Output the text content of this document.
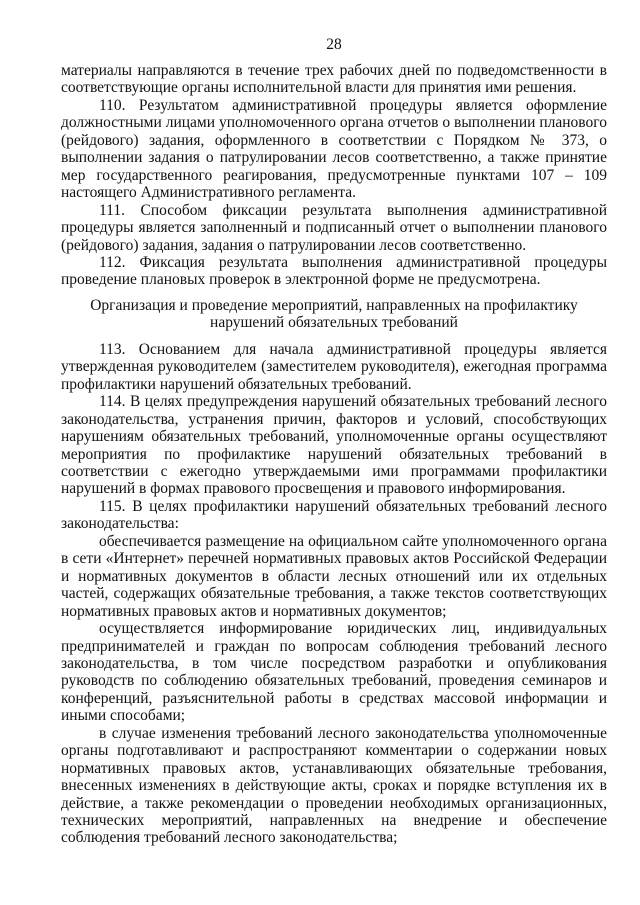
28

материалы направляются в течение трех рабочих дней по подведомственности в соответствующие органы исполнительной власти для принятия ими решения.

110. Результатом административной процедуры является оформление должностными лицами уполномоченного органа отчетов о выполнении планового (рейдового) задания, оформленного в соответствии с Порядком № 373, о выполнении задания о патрулировании лесов соответственно, а также принятие мер государственного реагирования, предусмотренные пунктами 107 – 109 настоящего Административного регламента.

111. Способом фиксации результата выполнения административной процедуры является заполненный и подписанный отчет о выполнении планового (рейдового) задания, задания о патрулировании лесов соответственно.

112. Фиксация результата выполнения административной процедуры проведение плановых проверок в электронной форме не предусмотрена.

Организация и проведение мероприятий, направленных на профилактику
нарушений обязательных требований

113. Основанием для начала административной процедуры является утвержденная руководителем (заместителем руководителя), ежегодная программа профилактики нарушений обязательных требований.

114. В целях предупреждения нарушений обязательных требований лесного законодательства, устранения причин, факторов и условий, способствующих нарушениям обязательных требований, уполномоченные органы осуществляют мероприятия по профилактике нарушений обязательных требований в соответствии с ежегодно утверждаемыми ими программами профилактики нарушений в формах правового просвещения и правового информирования.

115. В целях профилактики нарушений обязательных требований лесного законодательства:

обеспечивается размещение на официальном сайте уполномоченного органа в сети «Интернет» перечней нормативных правовых актов Российской Федерации и нормативных документов в области лесных отношений или их отдельных частей, содержащих обязательные требования, а также текстов соответствующих нормативных правовых актов и нормативных документов;

осуществляется информирование юридических лиц, индивидуальных предпринимателей и граждан по вопросам соблюдения требований лесного законодательства, в том числе посредством разработки и опубликования руководств по соблюдению обязательных требований, проведения семинаров и конференций, разъяснительной работы в средствах массовой информации и иными способами;

в случае изменения требований лесного законодательства уполномоченные органы подготавливают и распространяют комментарии о содержании новых нормативных правовых актов, устанавливающих обязательные требования, внесенных изменениях в действующие акты, сроках и порядке вступления их в действие, а также рекомендации о проведении необходимых организационных, технических мероприятий, направленных на внедрение и обеспечение соблюдения требований лесного законодательства;
